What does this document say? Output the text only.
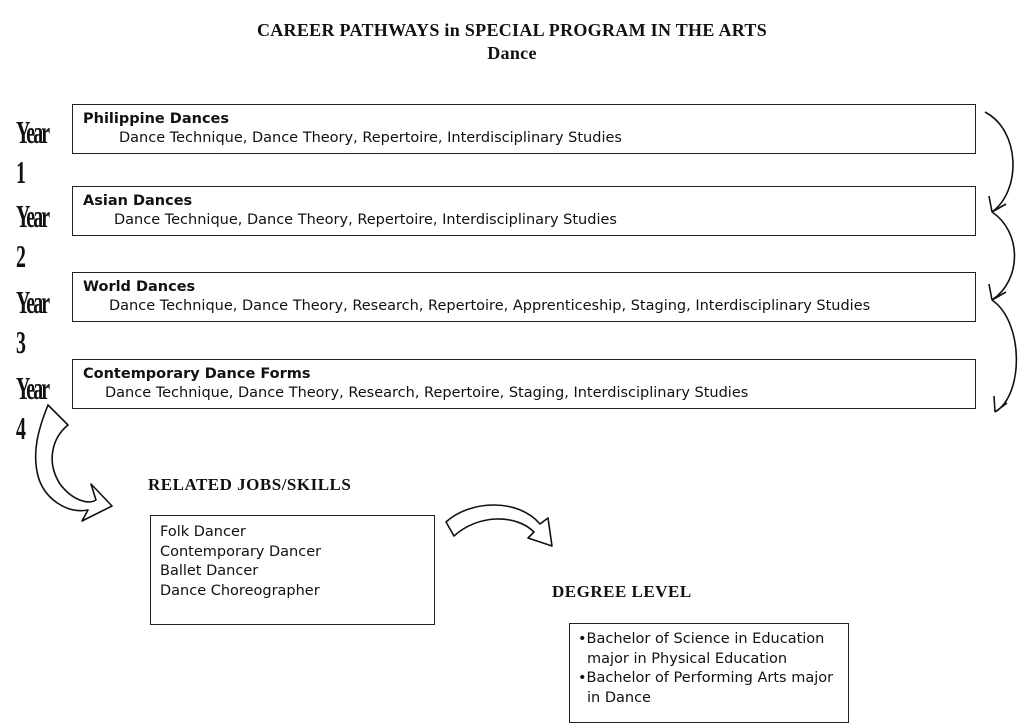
CAREER PATHWAYS in SPECIAL PROGRAM IN THE ARTS
Dance
Year 1
Philippine Dances
Dance Technique, Dance Theory, Repertoire, Interdisciplinary Studies
Year 2
Asian Dances
Dance Technique, Dance Theory, Repertoire, Interdisciplinary Studies
Year 3
World Dances
Dance Technique, Dance Theory, Research, Repertoire, Apprenticeship, Staging, Interdisciplinary Studies
Year 4
Contemporary Dance Forms
Dance Technique, Dance Theory, Research, Repertoire, Staging, Interdisciplinary Studies
RELATED JOBS/SKILLS
Folk Dancer
Contemporary Dancer
Ballet Dancer
Dance Choreographer	DEGREE LEVEL
•Bachelor of Science in Education
major in Physical Education
•Bachelor of Performing Arts major
in Dance
